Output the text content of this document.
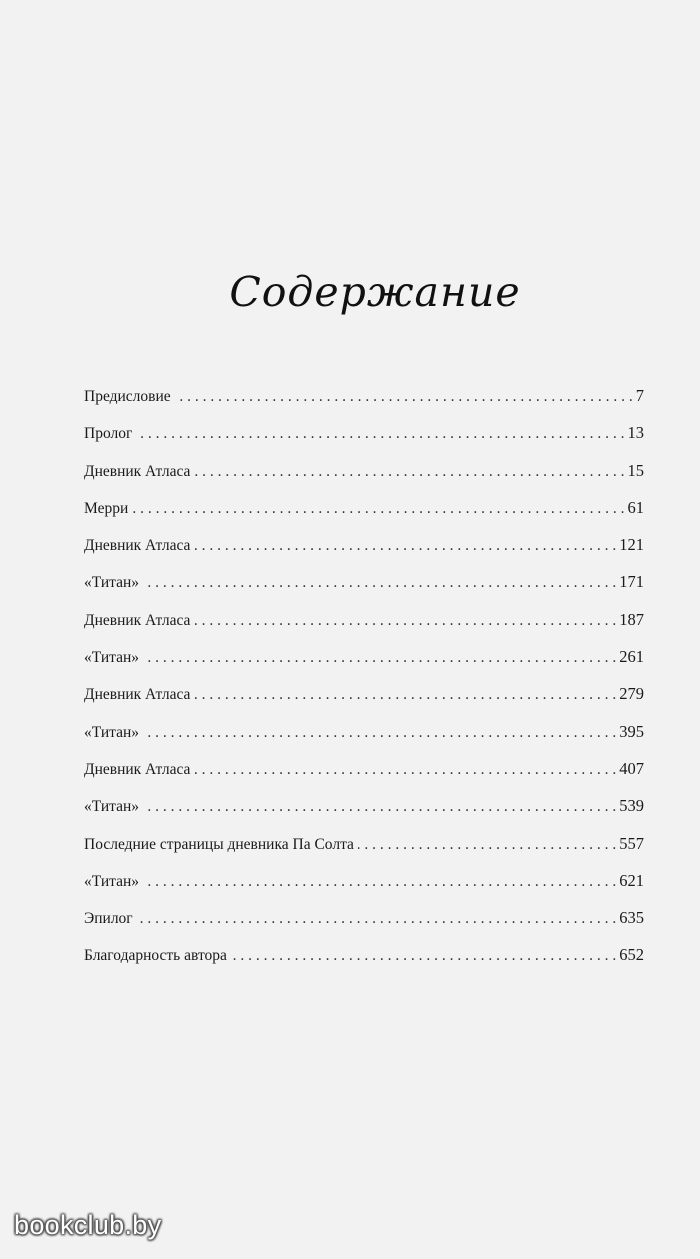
Содержание
Предисловие . . .	7
Пролог . . .	13
Дневник Атласа . . .	15
Мерри . . .	61
Дневник Атласа . . .	121
«Титан» . . .	171
Дневник Атласа . . .	187
«Титан» . . .	261
Дневник Атласа . . .	279
«Титан» . . .	395
Дневник Атласа . . .	407
«Титан» . . .	539
Последние страницы дневника Па Солта . . .	557
«Титан» . . .	621
Эпилог . . .	635
Благодарность автора . . .	652
bookclub.by
